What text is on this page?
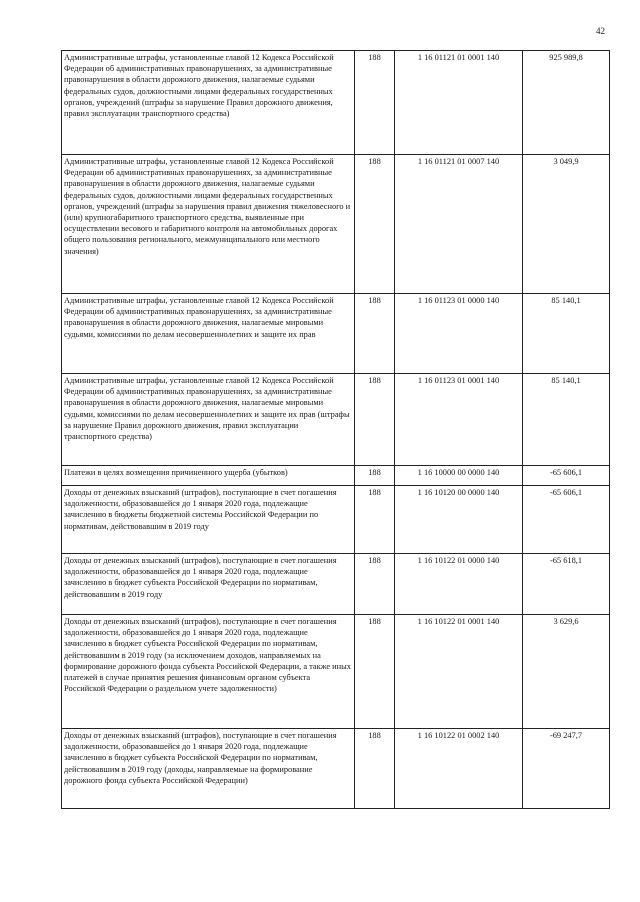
42
Административные штрафы, установленные главой 12 Кодекса Российской Федерации об административных правонарушениях, за административные правонарушения в области дорожного движения, налагаемые судьями федеральных судов, должностными лицами федеральных государственных органов, учреждений (штрафы за нарушение Правил дорожного движения, правил эксплуатации транспортного средства)	188	1 16 01121 01 0001 140	925 989,8
Административные штрафы, установленные главой 12 Кодекса Российской Федерации об административных правонарушениях, за административные правонарушения в области дорожного движения, налагаемые судьями федеральных судов, должностными лицами федеральных государственных органов, учреждений (штрафы за нарушения правил движения тяжеловесного и (или) крупногабаритного транспортного средства, выявленные при осуществлении весового и габаритного контроля на автомобильных дорогах общего пользования регионального, межмуниципального или местного значения)	188	1 16 01121 01 0007 140	3 049,9
Административные штрафы, установленные главой 12 Кодекса Российской Федерации об административных правонарушениях, за административные правонарушения в области дорожного движения, налагаемые мировыми судьями, комиссиями по делам несовершеннолетних и защите их прав	188	1 16 01123 01 0000 140	85 140,1
Административные штрафы, установленные главой 12 Кодекса Российской Федерации об административных правонарушениях, за административные правонарушения в области дорожного движения, налагаемые мировыми судьями, комиссиями по делам несовершеннолетних и защите их прав (штрафы за нарушение Правил дорожного движения, правил эксплуатации транспортного средства)	188	1 16 01123 01 0001 140	85 140,1
Платежи в целях возмещения причиненного ущерба (убытков)	188	1 16 10000 00 0000 140	-65 606,1
Доходы от денежных взысканий (штрафов), поступающие в счет погашения задолженности, образовавшейся до 1 января 2020 года, подлежащие зачислению в бюджеты бюджетной системы Российской Федерации по нормативам, действовавшим в 2019 году	188	1 16 10120 00 0000 140	-65 606,1
Доходы от денежных взысканий (штрафов), поступающие в счет погашения задолженности, образовавшейся до 1 января 2020 года, подлежащие зачислению в бюджет субъекта Российской Федерации по нормативам, действовавшим в 2019 году	188	1 16 10122 01 0000 140	-65 618,1
Доходы от денежных взысканий (штрафов), поступающие в счет погашения задолженности, образовавшейся до 1 января 2020 года, подлежащие зачислению в бюджет субъекта Российской Федерации по нормативам, действовавшим в 2019 году (за исключением доходов, направляемых на формирование дорожного фонда субъекта Российской Федерации, а также иных платежей в случае принятия решения финансовым органом субъекта Российской Федерации о раздельном учете задолженности)	188	1 16 10122 01 0001 140	3 629,6
Доходы от денежных взысканий (штрафов), поступающие в счет погашения задолженности, образовавшейся до 1 января 2020 года, подлежащие зачислению в бюджет субъекта Российской Федерации по нормативам, действовавшим в 2019 году (доходы, направляемые на формирование дорожного фонда субъекта Российской Федерации)	188	1 16 10122 01 0002 140	-69 247,7
